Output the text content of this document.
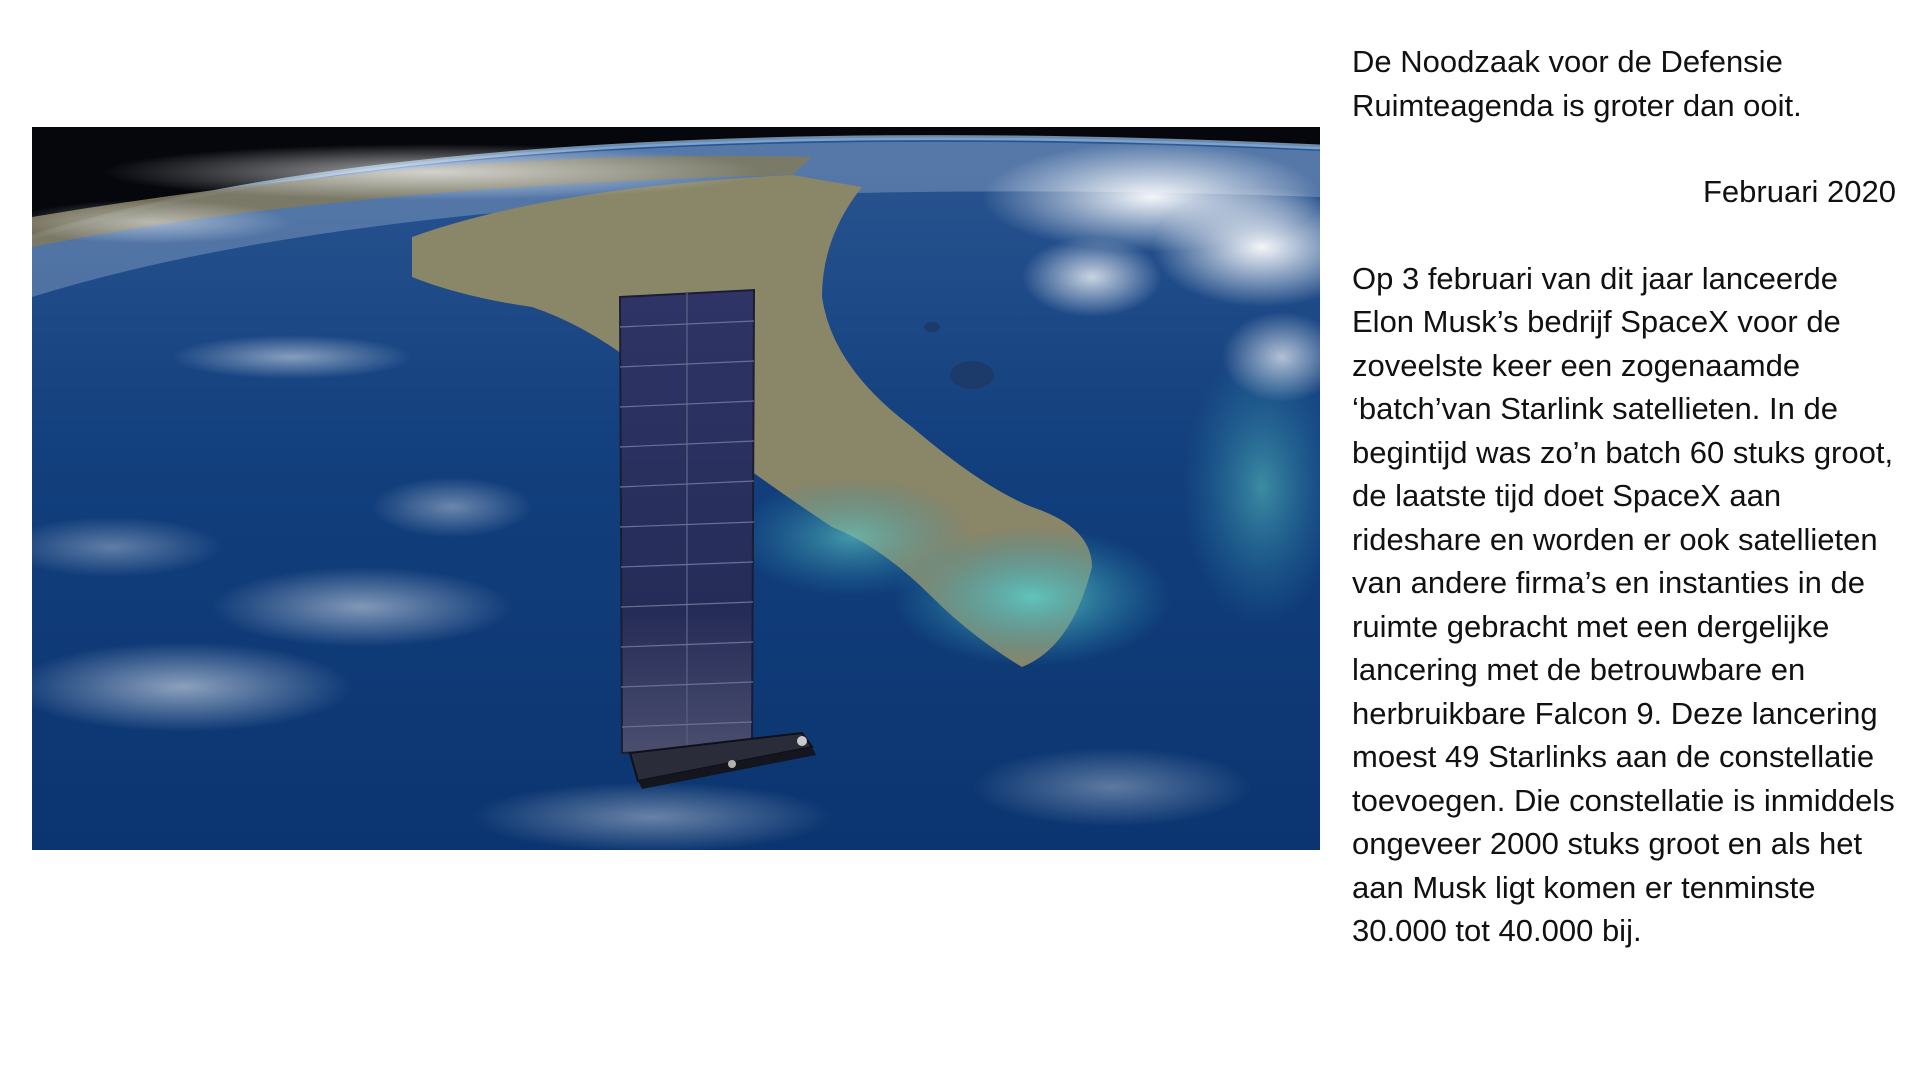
De Noodzaak voor de Defensie Ruimteagenda is groter dan ooit.
Februari 2020

Op 3 februari van dit jaar lanceerde Elon Musk’s bedrijf SpaceX voor de zoveelste keer een zogenaamde ‘batch’van Starlink satellieten. In de begintijd was zo’n batch 60 stuks groot, de laatste tijd doet SpaceX aan rideshare en worden er ook satellieten van andere firma’s en instanties in de ruimte gebracht met een dergelijke lancering met de betrouwbare en herbruikbare Falcon 9. Deze lancering moest 49 Starlinks aan de constellatie toevoegen. Die constellatie is inmiddels ongeveer 2000 stuks groot en als het aan Musk ligt komen er tenminste 30.000 tot 40.000 bij.
